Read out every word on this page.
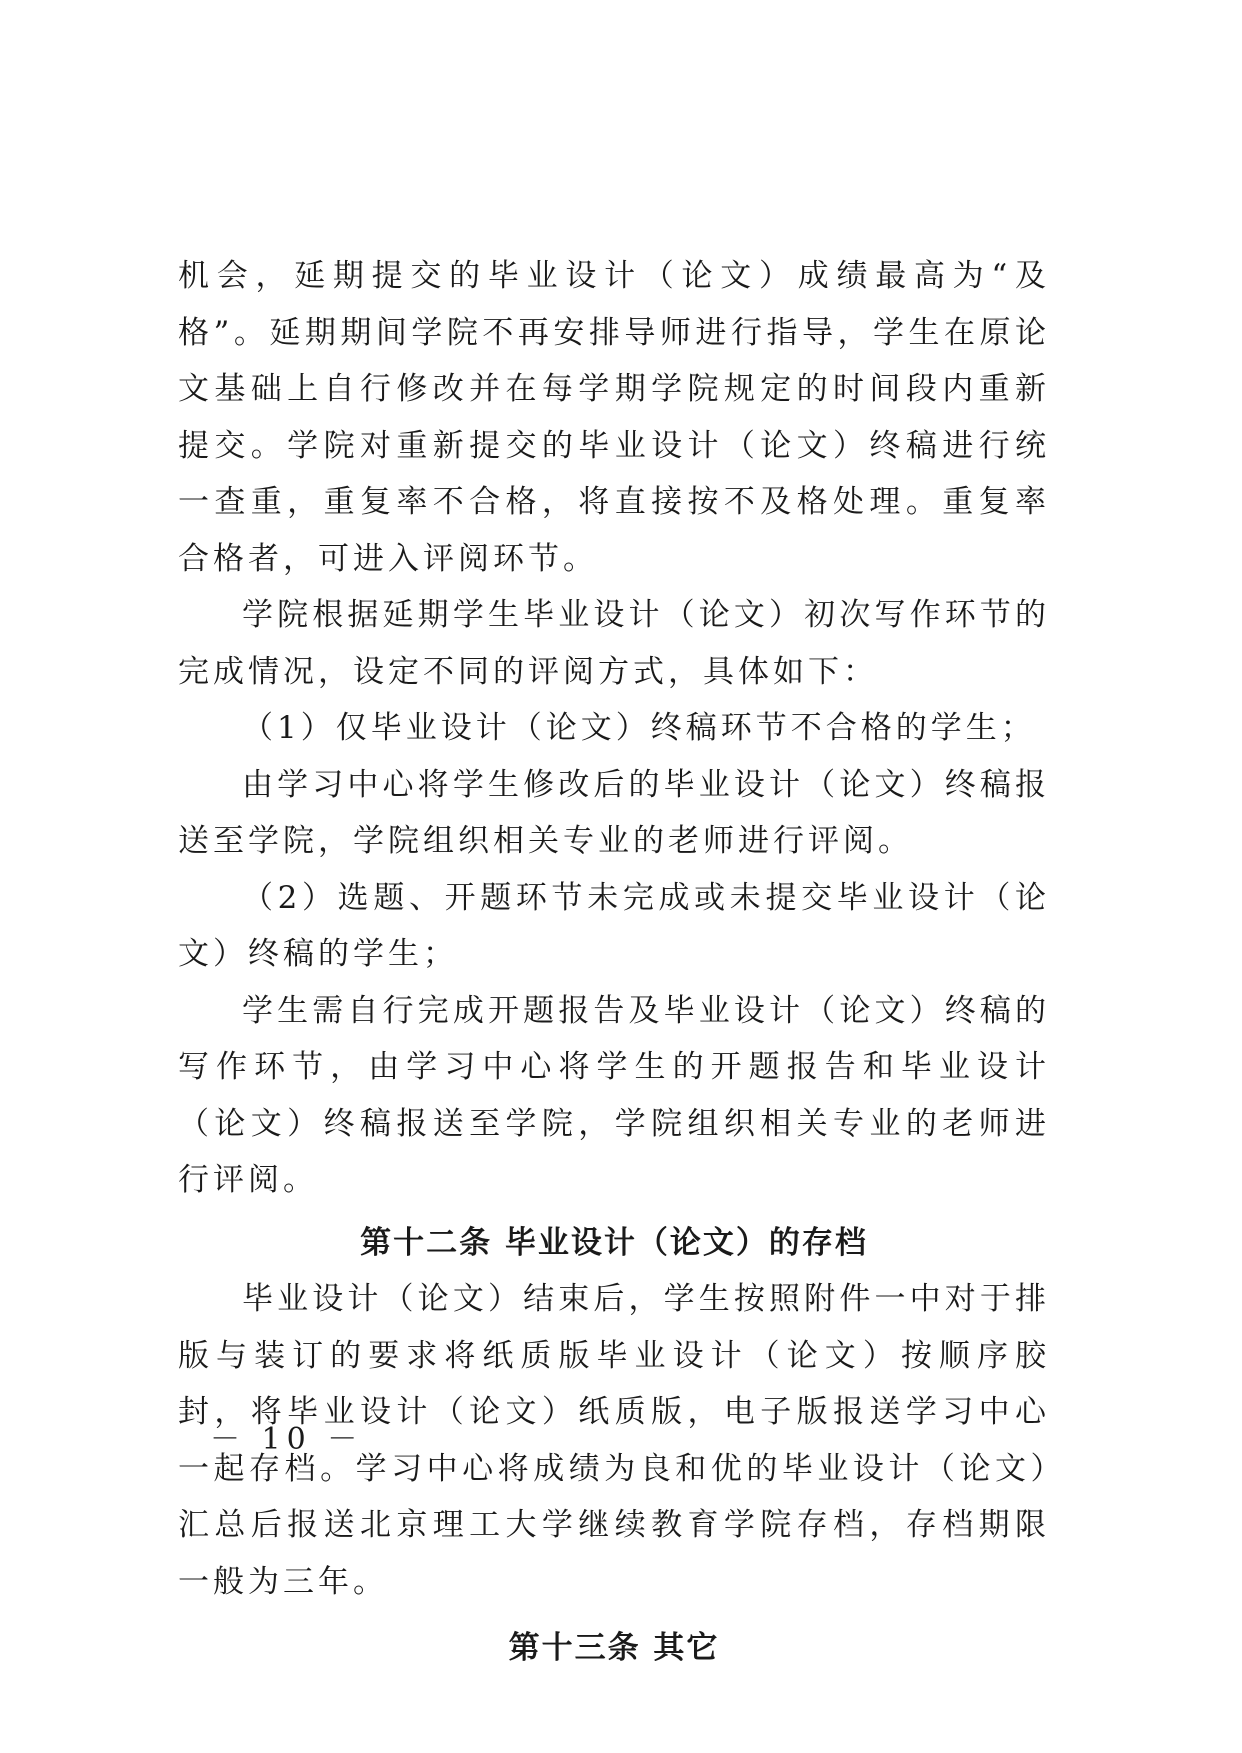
机会，延期提交的毕业设计（论文）成绩最高为“及格”。延期期间学院不再安排导师进行指导，学生在原论文基础上自行修改并在每学期学院规定的时间段内重新提交。学院对重新提交的毕业设计（论文）终稿进行统一查重，重复率不合格，将直接按不及格处理。重复率合格者，可进入评阅环节。

学院根据延期学生毕业设计（论文）初次写作环节的完成情况，设定不同的评阅方式，具体如下：

（1）仅毕业设计（论文）终稿环节不合格的学生；

由学习中心将学生修改后的毕业设计（论文）终稿报送至学院，学院组织相关专业的老师进行评阅。

（2）选题、开题环节未完成或未提交毕业设计（论文）终稿的学生；

学生需自行完成开题报告及毕业设计（论文）终稿的写作环节，由学习中心将学生的开题报告和毕业设计（论文）终稿报送至学院，学院组织相关专业的老师进行评阅。

第十二条 毕业设计（论文）的存档

毕业设计（论文）结束后，学生按照附件一中对于排版与装订的要求将纸质版毕业设计（论文）按顺序胶封，将毕业设计（论文）纸质版，电子版报送学习中心一起存档。学习中心将成绩为良和优的毕业设计（论文）汇总后报送北京理工大学继续教育学院存档，存档期限一般为三年。

第十三条 其它
－ 10 －
